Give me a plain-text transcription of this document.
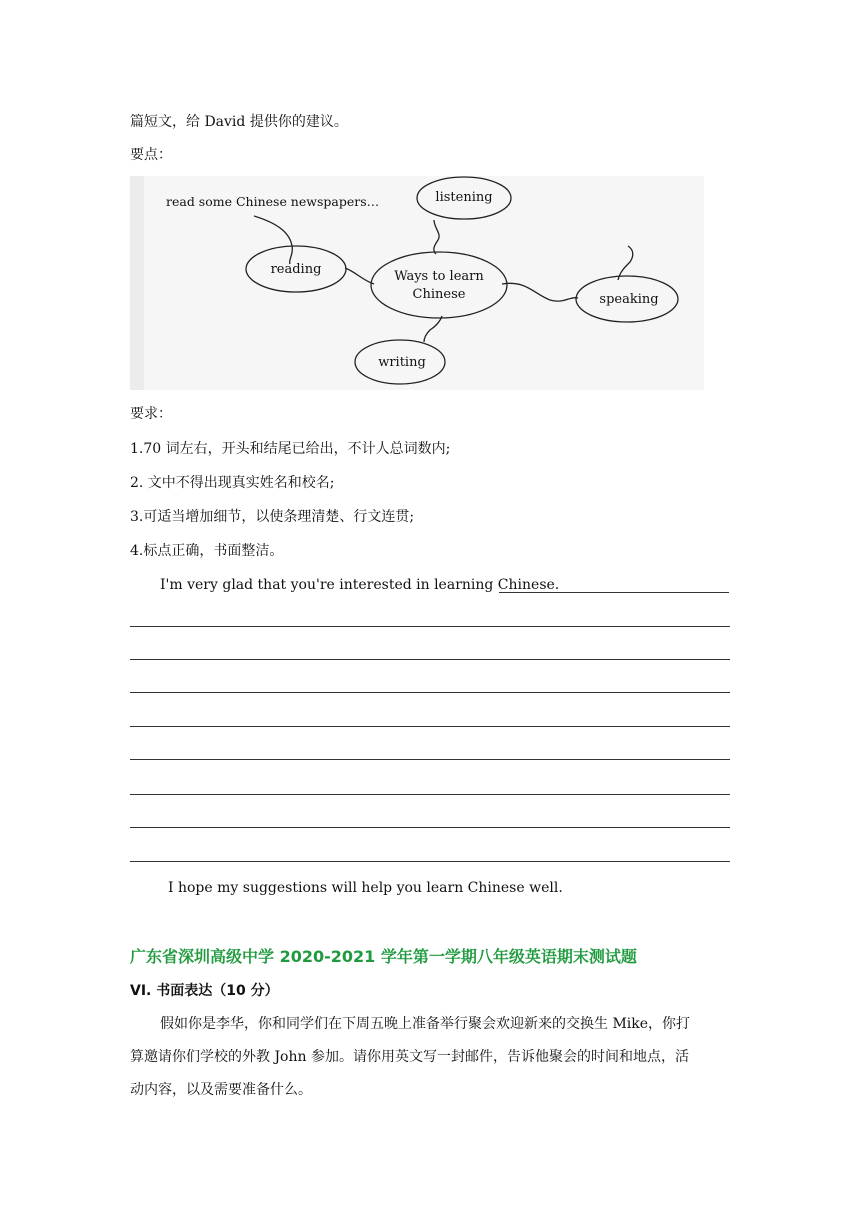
篇短文，给 David 提供你的建议。
要点：
Ways to learn
Chinese
reading
listening
speaking
writing
read some Chinese newspapers…
要求：
1.70 词左右，开头和结尾已给出，不计人总词数内;
2. 文中不得出现真实姓名和校名;
3.可适当增加细节，以使条理清楚、行文连贯;
4.标点正确，书面整洁。
I'm very glad that you're interested in learning Chinese.
I hope my suggestions will help you learn Chinese well.
广东省深圳高级中学 2020-2021 学年第一学期八年级英语期末测试题
VI. 书面表达（10 分）
假如你是李华，你和同学们在下周五晚上准备举行聚会欢迎新来的交换生 Mike，你打
算邀请你们学校的外教 John 参加。请你用英文写一封邮件，告诉他聚会的时间和地点，活
动内容，以及需要准备什么。
